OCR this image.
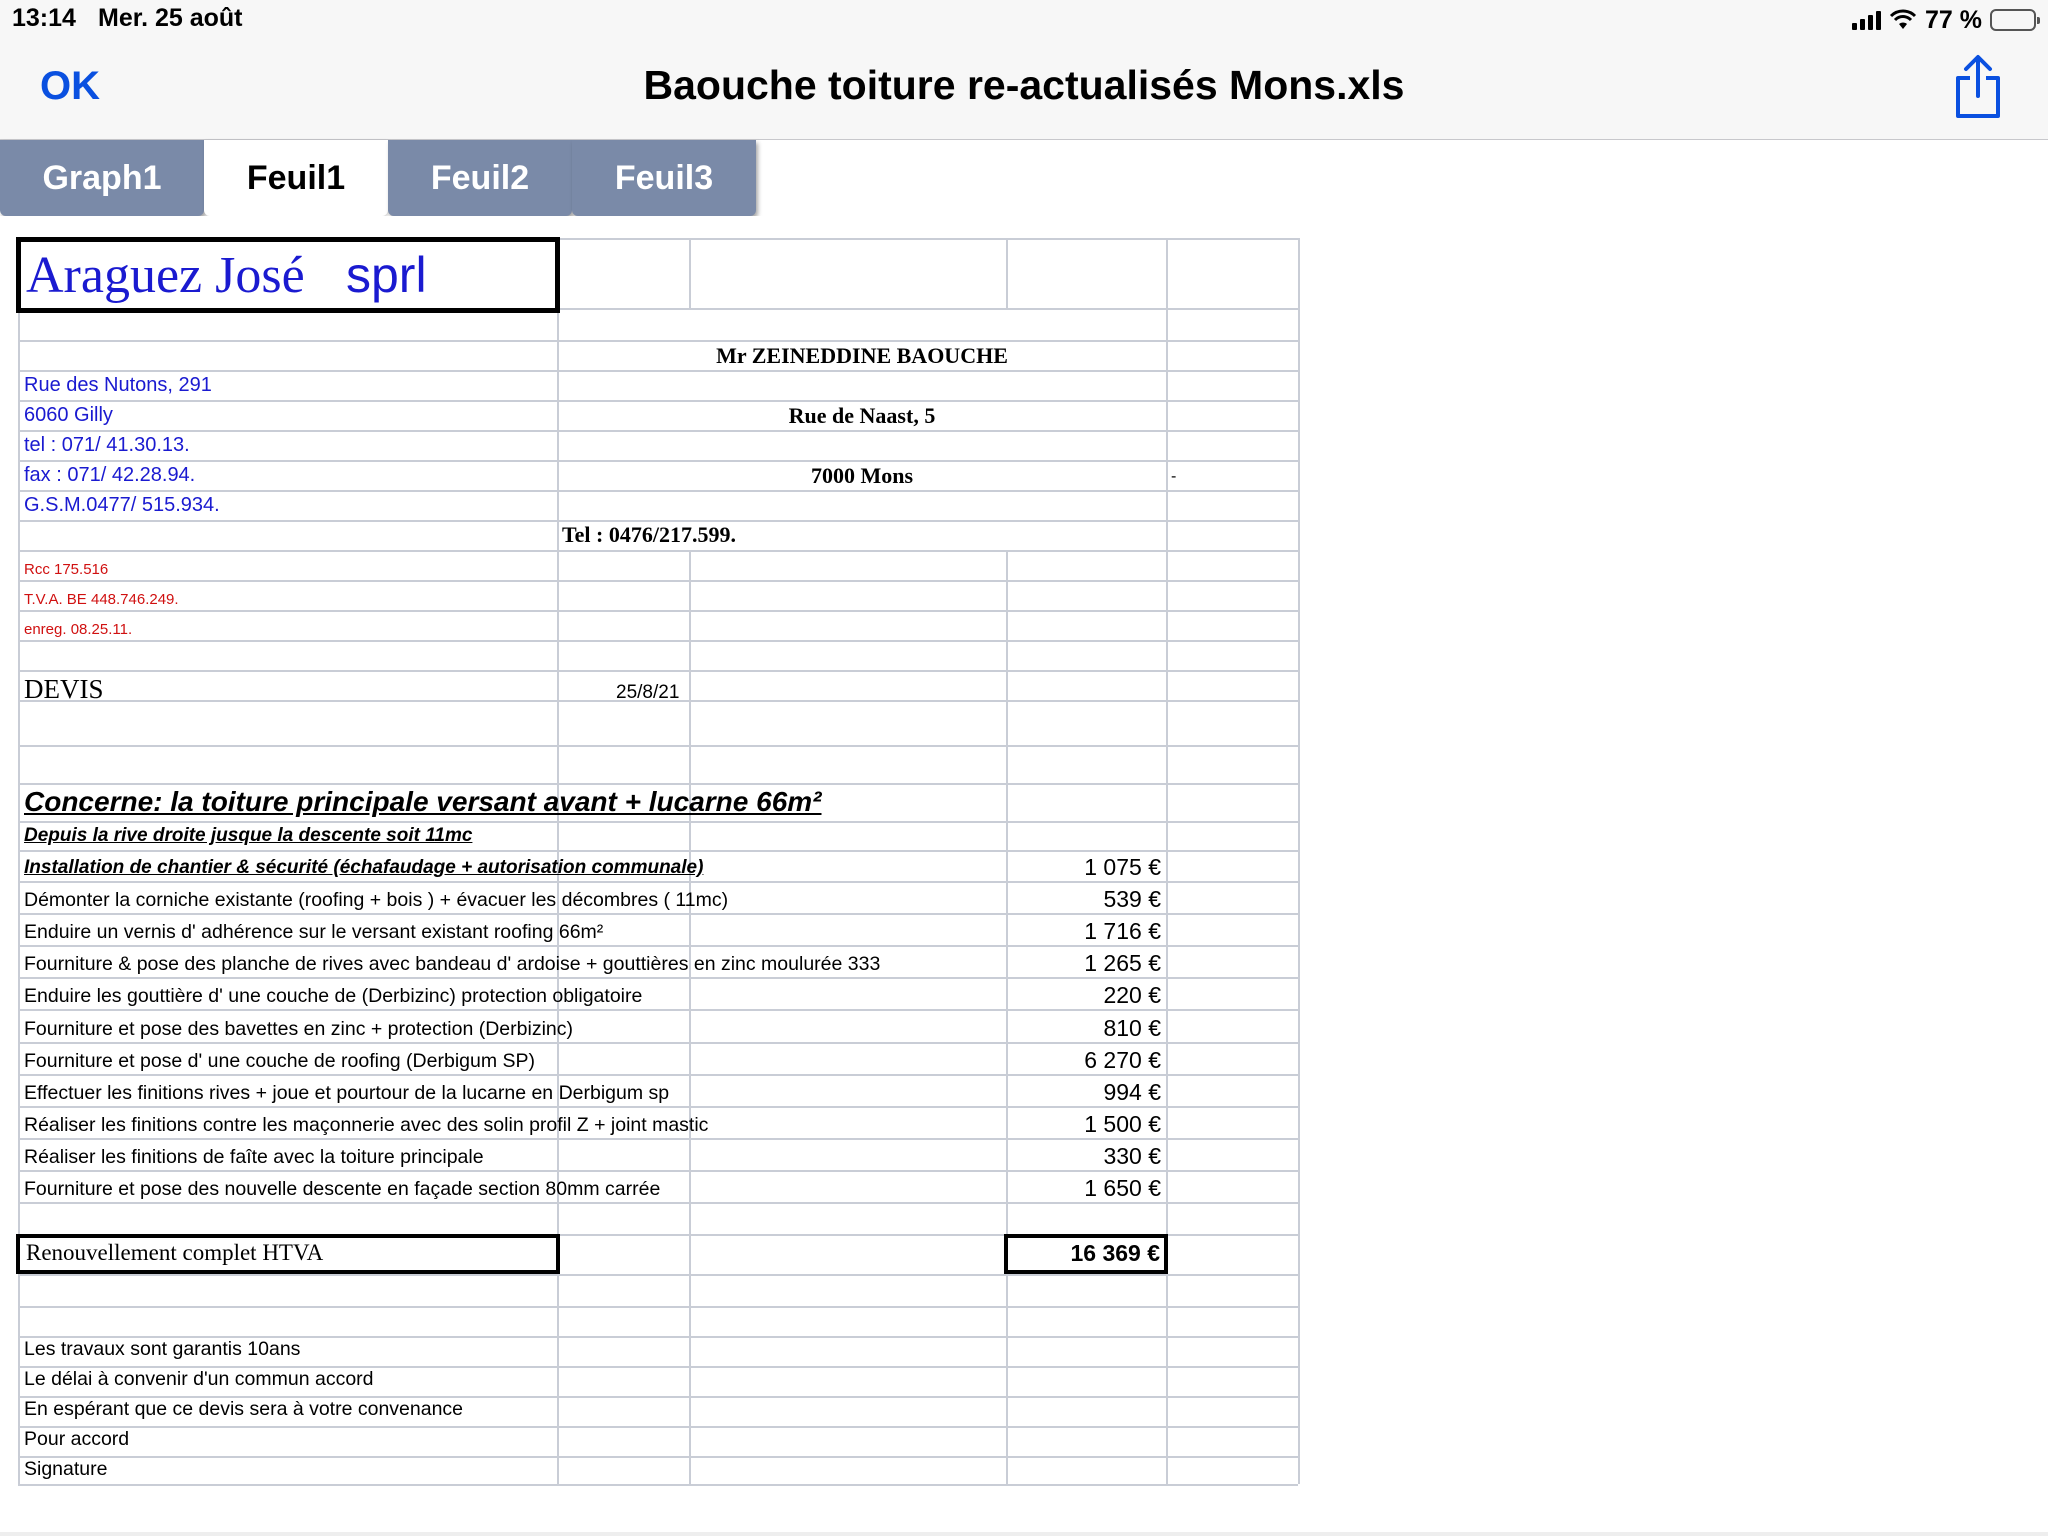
13:14 Mer. 25 août	77 %
OK	Baouche toiture re-actualisés Mons.xls
Graph1	Feuil1	Feuil2	Feuil3
Araguez José sprl
Mr ZEINEDDINE BAOUCHE
Rue de Naast, 5
7000 Mons
Tel : 0476/217.599.
-
Rue des Nutons, 291
6060 Gilly
tel : 071/ 41.30.13.
fax : 071/ 42.28.94.
G.S.M.0477/ 515.934.
Rcc 175.516
T.V.A. BE 448.746.249.
enreg. 08.25.11.
DEVIS	25/8/21
Concerne: la toiture principale versant avant + lucarne 66m²
Depuis la rive droite jusque la descente soit 11mc
Installation de chantier & sécurité (échafaudage + autorisation communale)	1 075 €
Démonter la corniche existante (roofing + bois ) + évacuer les décombres ( 11mc)	539 €
Enduire un vernis d' adhérence sur le versant existant roofing 66m²	1 716 €
Fourniture & pose des planche de rives avec bandeau d' ardoise + gouttières en zinc moulurée 333	1 265 €
Enduire les gouttière d' une couche de (Derbizinc) protection obligatoire	220 €
Fourniture et pose des bavettes en zinc + protection (Derbizinc)	810 €
Fourniture et pose d' une couche de roofing (Derbigum SP)	6 270 €
Effectuer les finitions rives + joue et pourtour de la lucarne en Derbigum sp	994 €
Réaliser les finitions contre les maçonnerie avec des solin profil Z + joint mastic	1 500 €
Réaliser les finitions de faîte avec la toiture principale	330 €
Fourniture et pose des nouvelle descente en façade section 80mm carrée	1 650 €
Renouvellement complet HTVA	16 369 €
Les travaux sont garantis 10ans
Le délai à convenir d'un commun accord
En espérant que ce devis sera à votre convenance
Pour accord
Signature
